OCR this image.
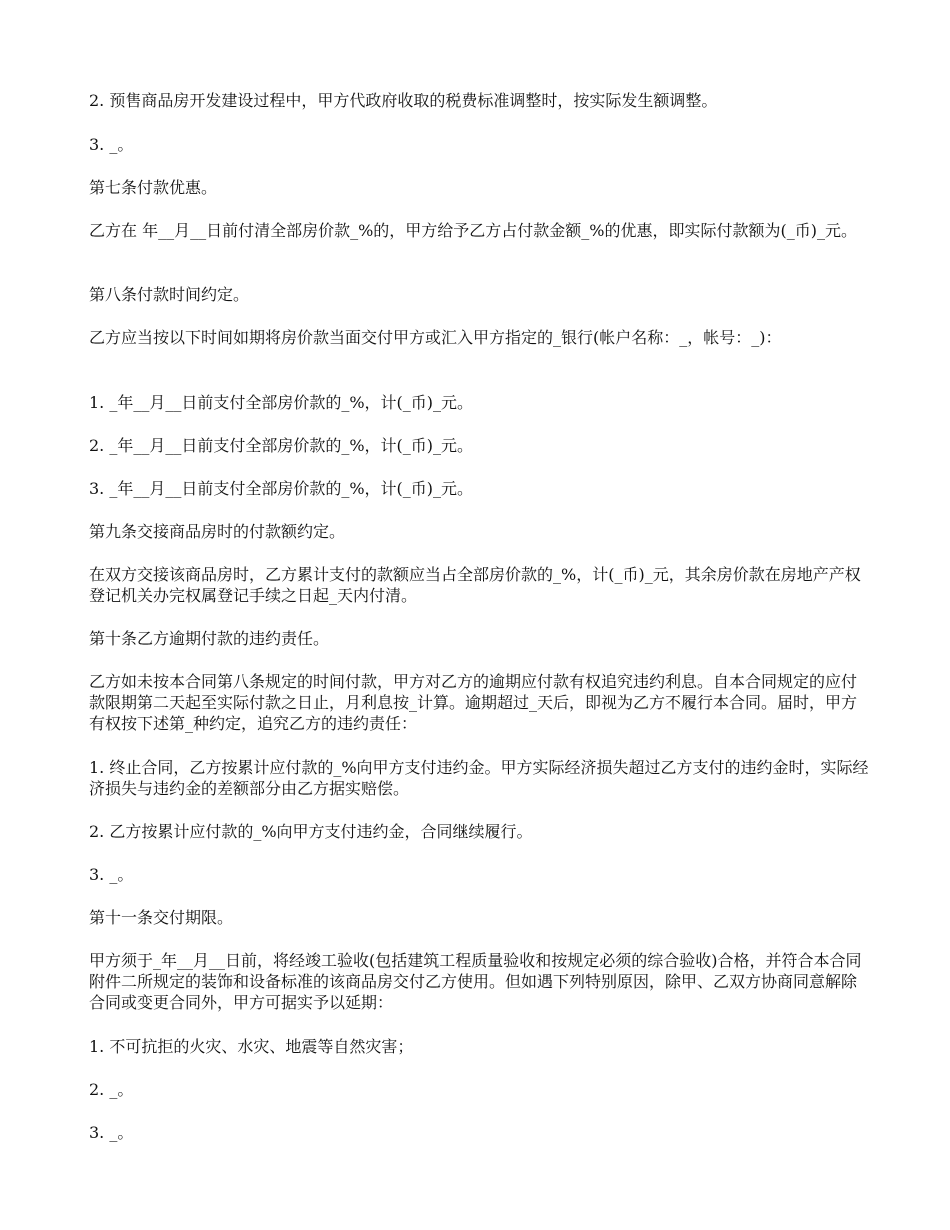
2. 预售商品房开发建设过程中，甲方代政府收取的税费标准调整时，按实际发生额调整。

3. _。

第七条付款优惠。

乙方在 年__月__日前付清全部房价款_%的，甲方给予乙方占付款金额_%的优惠，即实际付款额为(_币)_元。

第八条付款时间约定。

乙方应当按以下时间如期将房价款当面交付甲方或汇入甲方指定的_银行(帐户名称：_，帐号：_)：

1. _年__月__日前支付全部房价款的_%，计(_币)_元。

2. _年__月__日前支付全部房价款的_%，计(_币)_元。

3. _年__月__日前支付全部房价款的_%，计(_币)_元。

第九条交接商品房时的付款额约定。

在双方交接该商品房时，乙方累计支付的款额应当占全部房价款的_%，计(_币)_元，其余房价款在房地产产权登记机关办完权属登记手续之日起_天内付清。

第十条乙方逾期付款的违约责任。

乙方如未按本合同第八条规定的时间付款，甲方对乙方的逾期应付款有权追究违约利息。自本合同规定的应付款限期第二天起至实际付款之日止，月利息按_计算。逾期超过_天后，即视为乙方不履行本合同。届时，甲方有权按下述第_种约定，追究乙方的违约责任：

1. 终止合同，乙方按累计应付款的_%向甲方支付违约金。甲方实际经济损失超过乙方支付的违约金时，实际经济损失与违约金的差额部分由乙方据实赔偿。

2. 乙方按累计应付款的_%向甲方支付违约金，合同继续履行。

3. _。

第十一条交付期限。

甲方须于_年__月__日前，将经竣工验收(包括建筑工程质量验收和按规定必须的综合验收)合格，并符合本合同附件二所规定的装饰和设备标准的该商品房交付乙方使用。但如遇下列特别原因，除甲、乙双方协商同意解除合同或变更合同外，甲方可据实予以延期：

1. 不可抗拒的火灾、水灾、地震等自然灾害；

2. _。

3. _。
